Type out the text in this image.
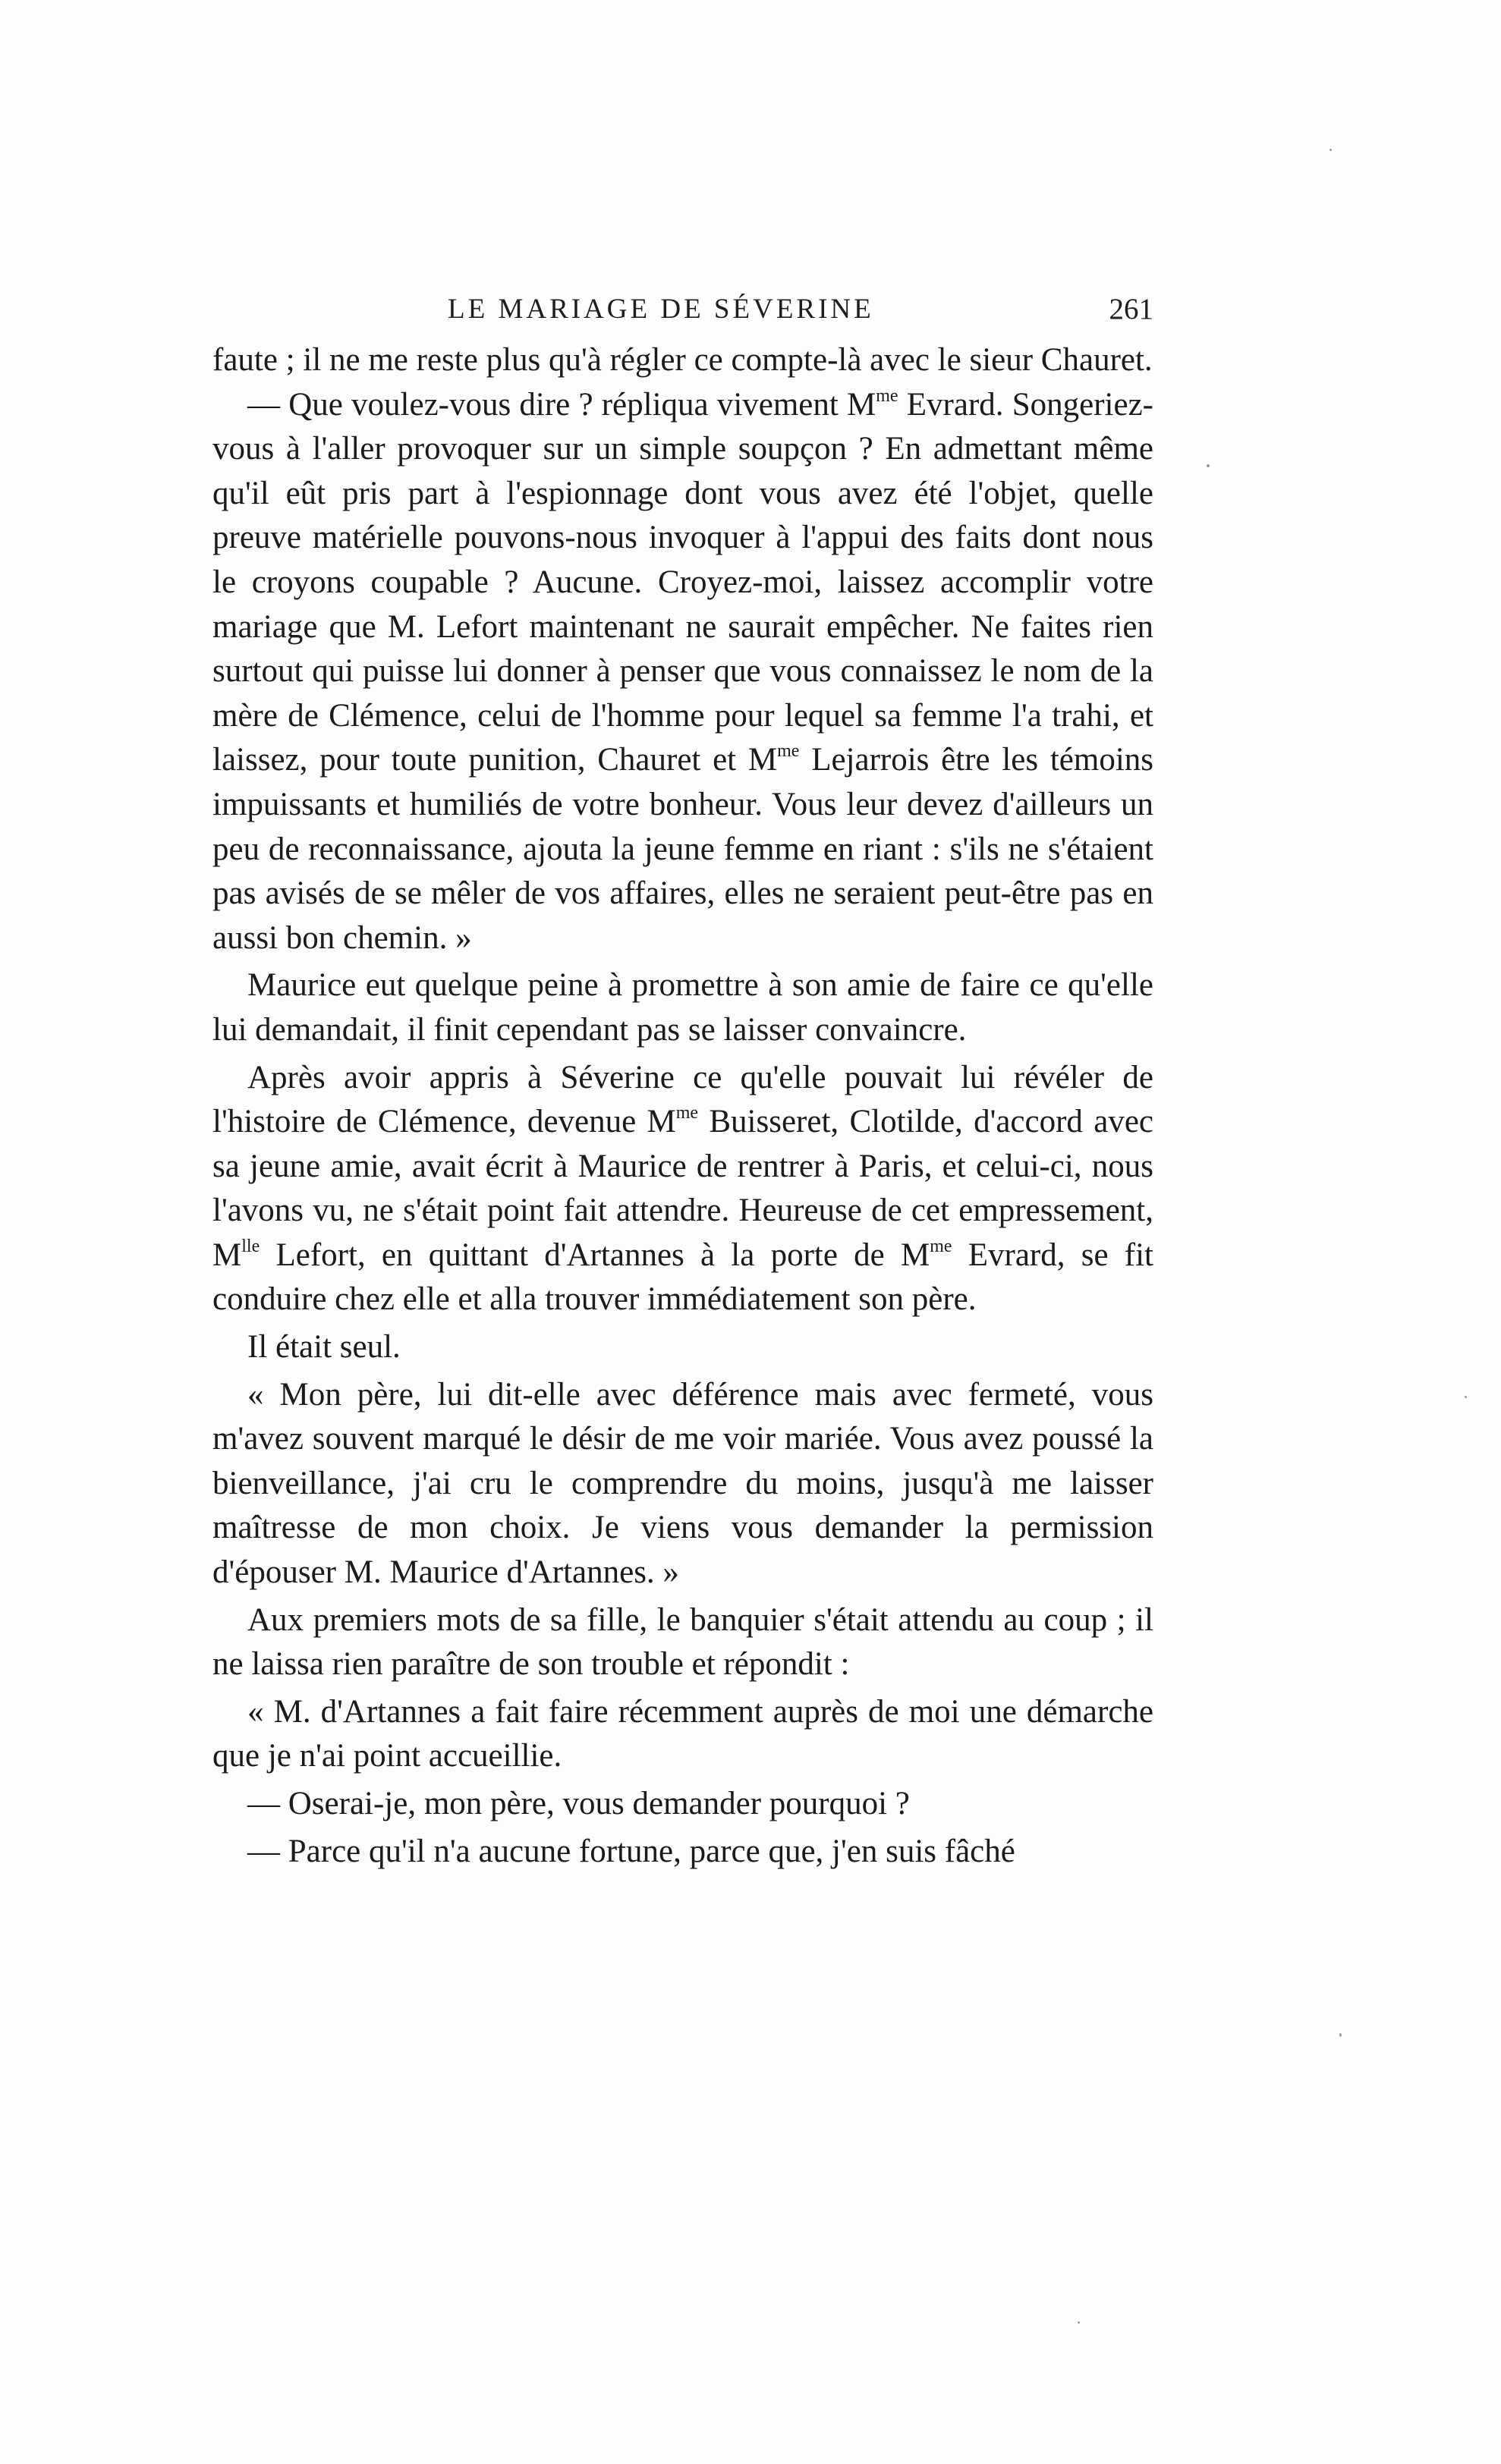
LE MARIAGE DE SÉVERINE	261

faute ; il ne me reste plus qu'à régler ce compte-là avec le sieur Chauret.

— Que voulez-vous dire ? répliqua vivement $M^{me}$ Evrard. Songeriez-vous à l'aller provoquer sur un simple soupçon ? En admettant même qu'il eût pris part à l'espionnage dont vous avez été l'objet, quelle preuve matérielle pouvons-nous invoquer à l'appui des faits dont nous le croyons coupable ? Aucune. Croyez-moi, laissez accomplir votre mariage que M. Lefort maintenant ne saurait empêcher. Ne faites rien surtout qui puisse lui donner à penser que vous connaissez le nom de la mère de Clémence, celui de l'homme pour lequel sa femme l'a trahi, et laissez, pour toute punition, Chauret et $M^{me}$ Lejarrois être les témoins impuissants et humiliés de votre bonheur. Vous leur devez d'ailleurs un peu de reconnaissance, ajouta la jeune femme en riant : s'ils ne s'étaient pas avisés de se mêler de vos affaires, elles ne seraient peut-être pas en aussi bon chemin. »

Maurice eut quelque peine à promettre à son amie de faire ce qu'elle lui demandait, il finit cependant pas se laisser convaincre.

Après avoir appris à Séverine ce qu'elle pouvait lui révéler de l'histoire de Clémence, devenue $M^{me}$ Buisseret, Clotilde, d'accord avec sa jeune amie, avait écrit à Maurice de rentrer à Paris, et celui-ci, nous l'avons vu, ne s'était point fait attendre. Heureuse de cet empressement, $M^{lle}$ Lefort, en quittant d'Artannes à la porte de $M^{me}$ Evrard, se fit conduire chez elle et alla trouver immédiatement son père.

Il était seul.

« Mon père, lui dit-elle avec déférence mais avec fermeté, vous m'avez souvent marqué le désir de me voir mariée. Vous avez poussé la bienveillance, j'ai cru le comprendre du moins, jusqu'à me laisser maîtresse de mon choix. Je viens vous demander la permission d'épouser M. Maurice d'Artannes. »

Aux premiers mots de sa fille, le banquier s'était attendu au coup ; il ne laissa rien paraître de son trouble et répondit :

« M. d'Artannes a fait faire récemment auprès de moi une démarche que je n'ai point accueillie.

— Oserai-je, mon père, vous demander pourquoi ?

— Parce qu'il n'a aucune fortune, parce que, j'en suis fâché
